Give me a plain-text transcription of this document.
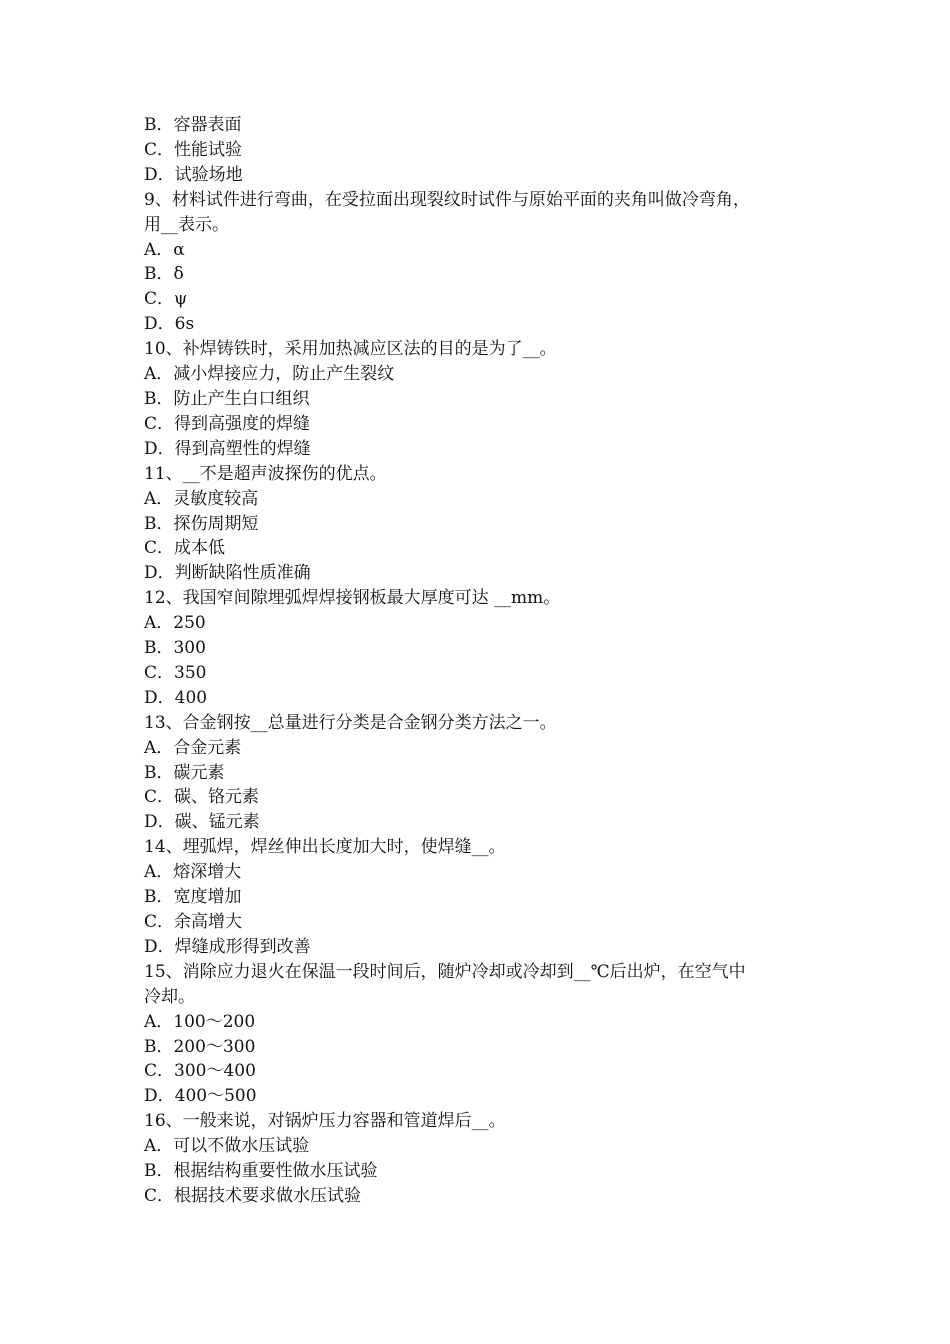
B．容器表面
C．性能试验
D．试验场地
9、材料试件进行弯曲，在受拉面出现裂纹时试件与原始平面的夹角叫做冷弯角，
用__表示。
A．α
B．δ
C．ψ
D．6s
10、补焊铸铁时，采用加热减应区法的目的是为了__。
A．减小焊接应力，防止产生裂纹
B．防止产生白口组织
C．得到高强度的焊缝
D．得到高塑性的焊缝
11、__不是超声波探伤的优点。
A．灵敏度较高
B．探伤周期短
C．成本低
D．判断缺陷性质准确
12、我国窄间隙埋弧焊焊接钢板最大厚度可达 __mm。
A．250
B．300
C．350
D．400
13、合金钢按__总量进行分类是合金钢分类方法之一。
A．合金元素
B．碳元素
C．碳、铬元素
D．碳、锰元素
14、埋弧焊，焊丝伸出长度加大时，使焊缝__。
A．熔深增大
B．宽度增加
C．余高增大
D．焊缝成形得到改善
15、消除应力退火在保温一段时间后，随炉冷却或冷却到__℃后出炉，在空气中
冷却。
A．100～200
B．200～300
C．300～400
D．400～500
16、一般来说，对锅炉压力容器和管道焊后__。
A．可以不做水压试验
B．根据结构重要性做水压试验
C．根据技术要求做水压试验
